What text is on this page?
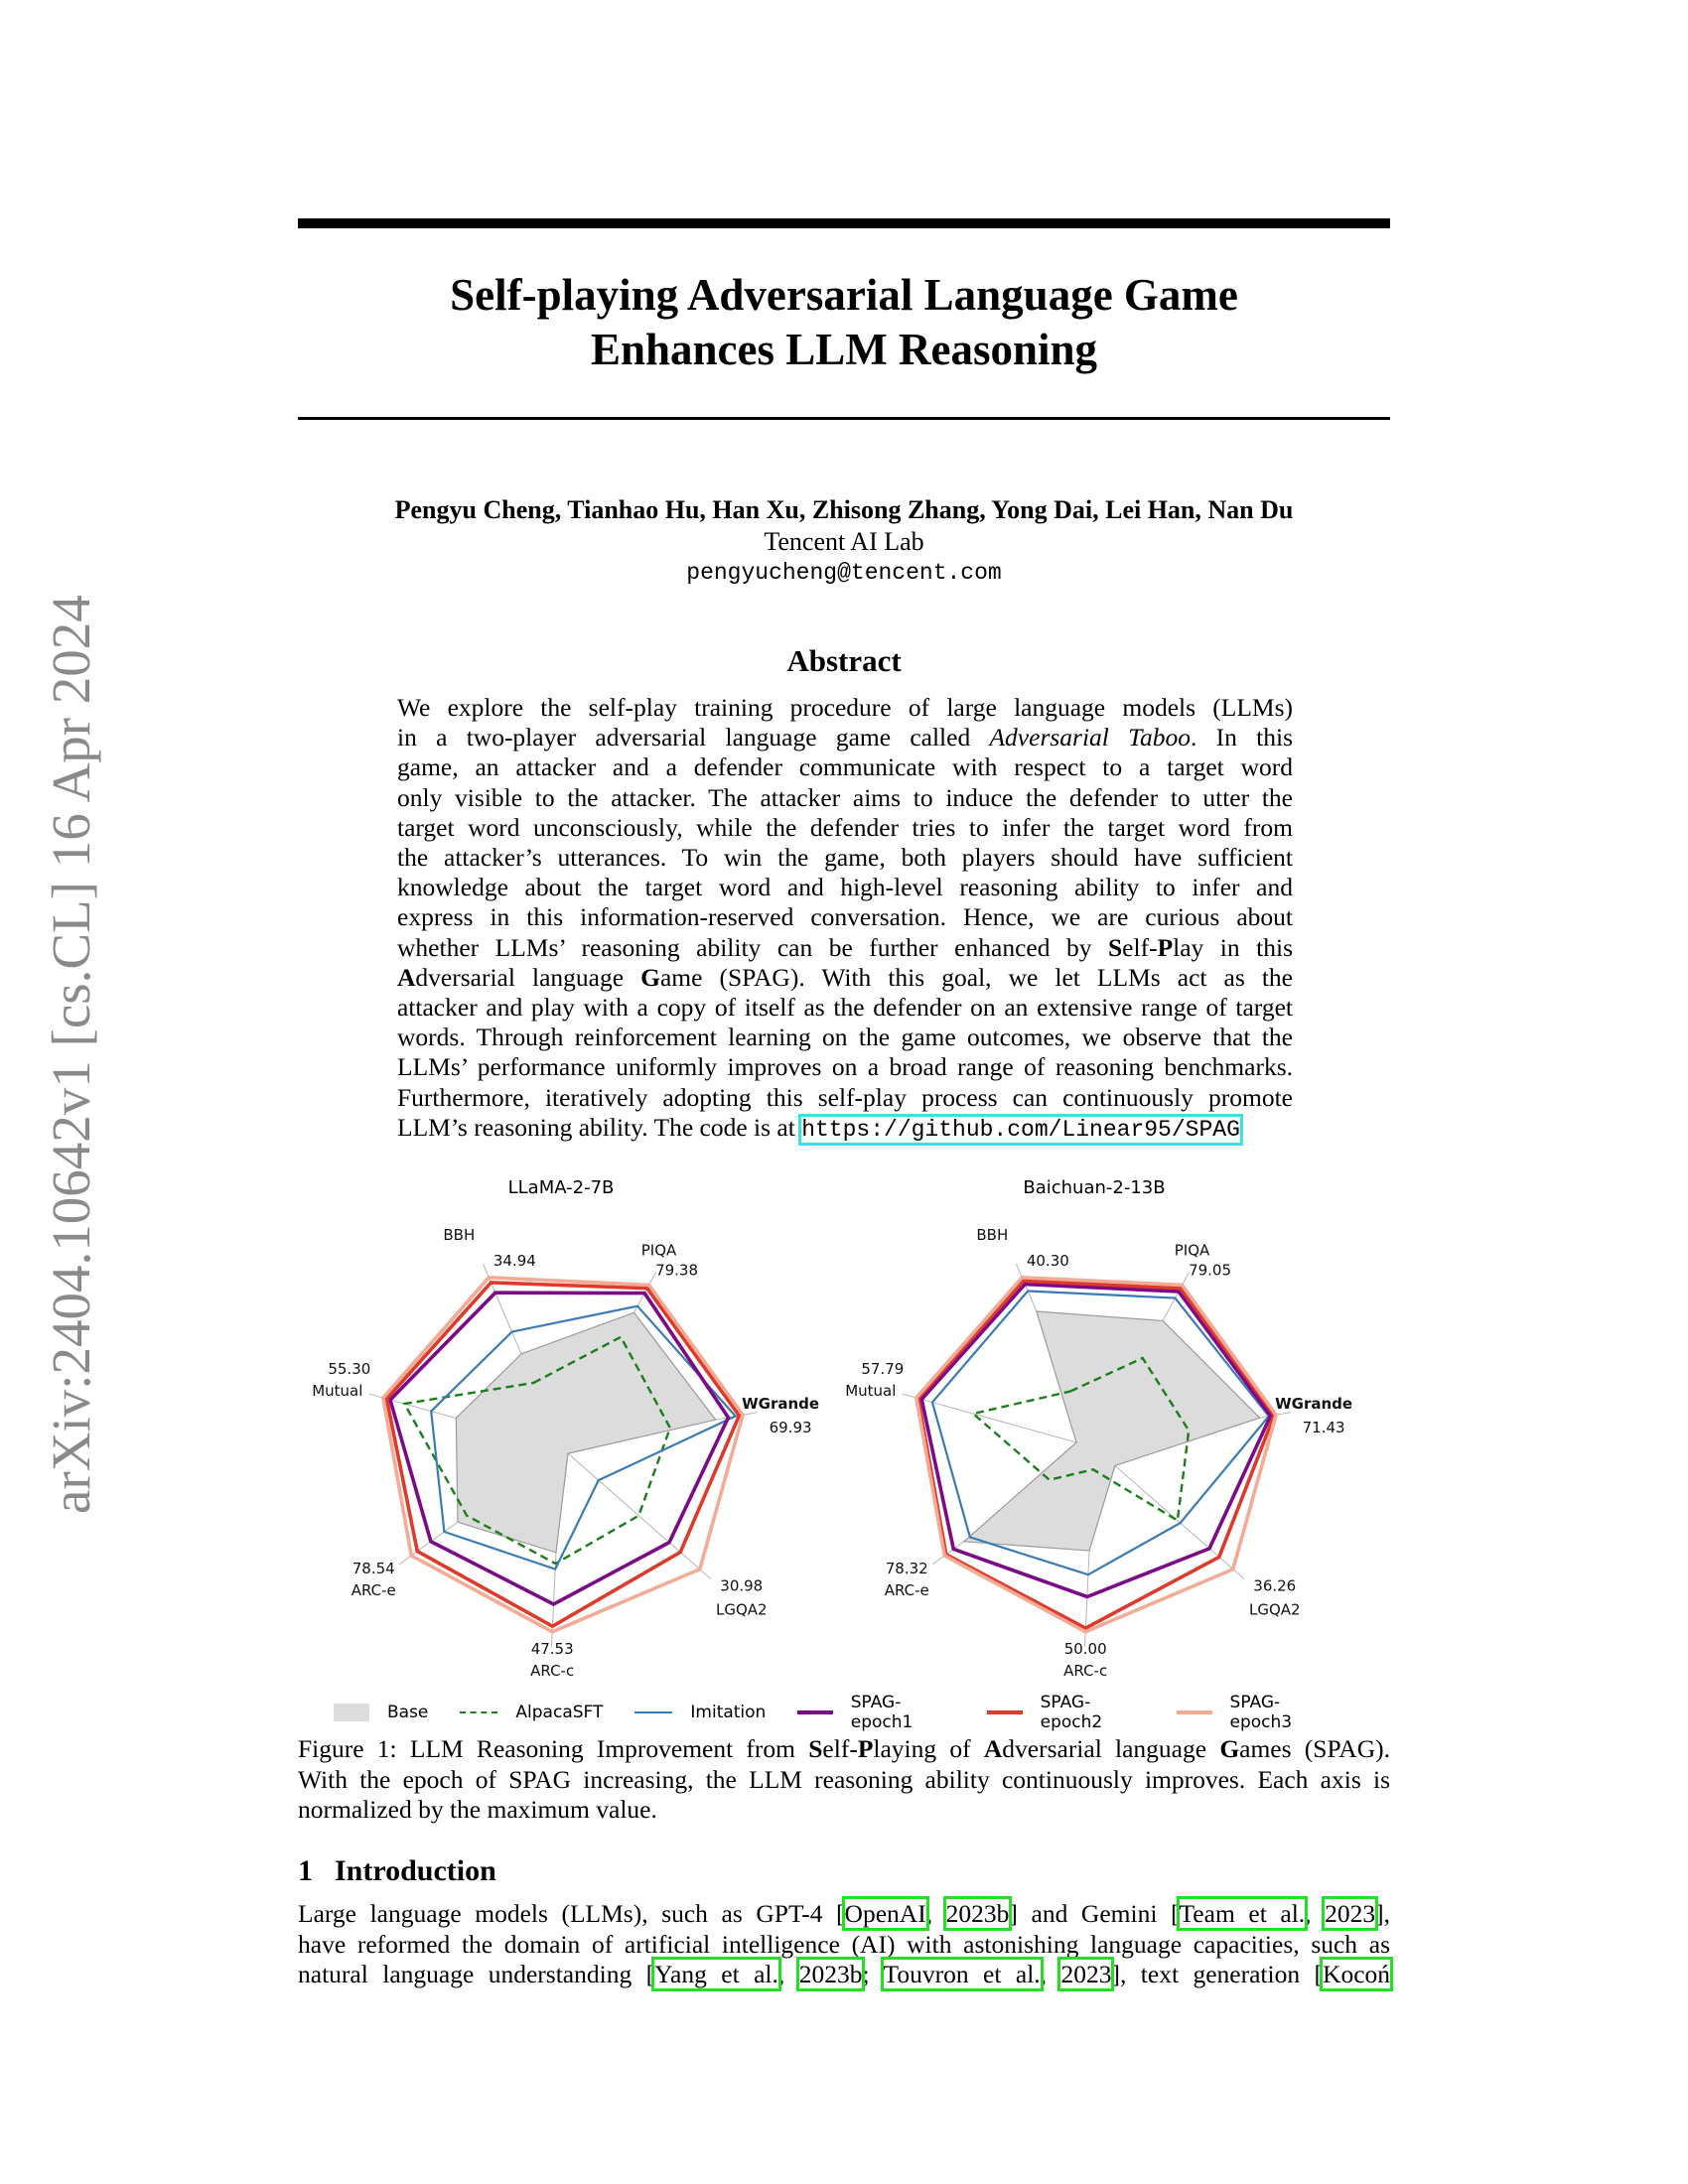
arXiv:2404.10642v1 [cs.CL] 16 Apr 2024
Self-playing Adversarial Language Game
Enhances LLM Reasoning
Pengyu Cheng, Tianhao Hu, Han Xu, Zhisong Zhang, Yong Dai, Lei Han, Nan Du
Tencent AI Lab
pengyucheng@tencent.com
Abstract
We explore the self-play training procedure of large language models (LLMs)
in a two-player adversarial language game called Adversarial Taboo. In this
game, an attacker and a defender communicate with respect to a target word
only visible to the attacker. The attacker aims to induce the defender to utter the
target word unconsciously, while the defender tries to infer the target word from
the attacker’s utterances. To win the game, both players should have sufficient
knowledge about the target word and high-level reasoning ability to infer and
express in this information-reserved conversation. Hence, we are curious about
whether LLMs’ reasoning ability can be further enhanced by Self-Play in this
Adversarial language Game (SPAG). With this goal, we let LLMs act as the
attacker and play with a copy of itself as the defender on an extensive range of target
words. Through reinforcement learning on the game outcomes, we observe that the
LLMs’ performance uniformly improves on a broad range of reasoning benchmarks.
Furthermore, iteratively adopting this self-play process can continuously promote
LLM’s reasoning ability. The code is at https://github.com/Linear95/SPAG
LLaMA-2-7B	Baichuan-2-13B
BBH
34.94
PIQA
79.38
WGrande
69.93
LGQA2
30.98
ARC-c
47.53
ARC-e
78.54
Mutual
55.30
BBH
40.30
PIQA
79.05
WGrande
71.43
LGQA2
36.26
ARC-c
50.00
ARC-e
78.32
Mutual
57.79
Base	AlpacaSFT	Imitation	SPAG-epoch1
SPAG-epoch2
SPAG-epoch3
Figure 1: LLM Reasoning Improvement from Self-Playing of Adversarial language Games (SPAG).
With the epoch of SPAG increasing, the LLM reasoning ability continuously improves. Each axis is
normalized by the maximum value.
1 Introduction
Large language models (LLMs), such as GPT-4 [OpenAI, 2023b] and Gemini [Team et al., 2023],
have reformed the domain of artificial intelligence (AI) with astonishing language capacities, such as
natural language understanding [Yang et al., 2023b; Touvron et al., 2023], text generation [Kocoń
